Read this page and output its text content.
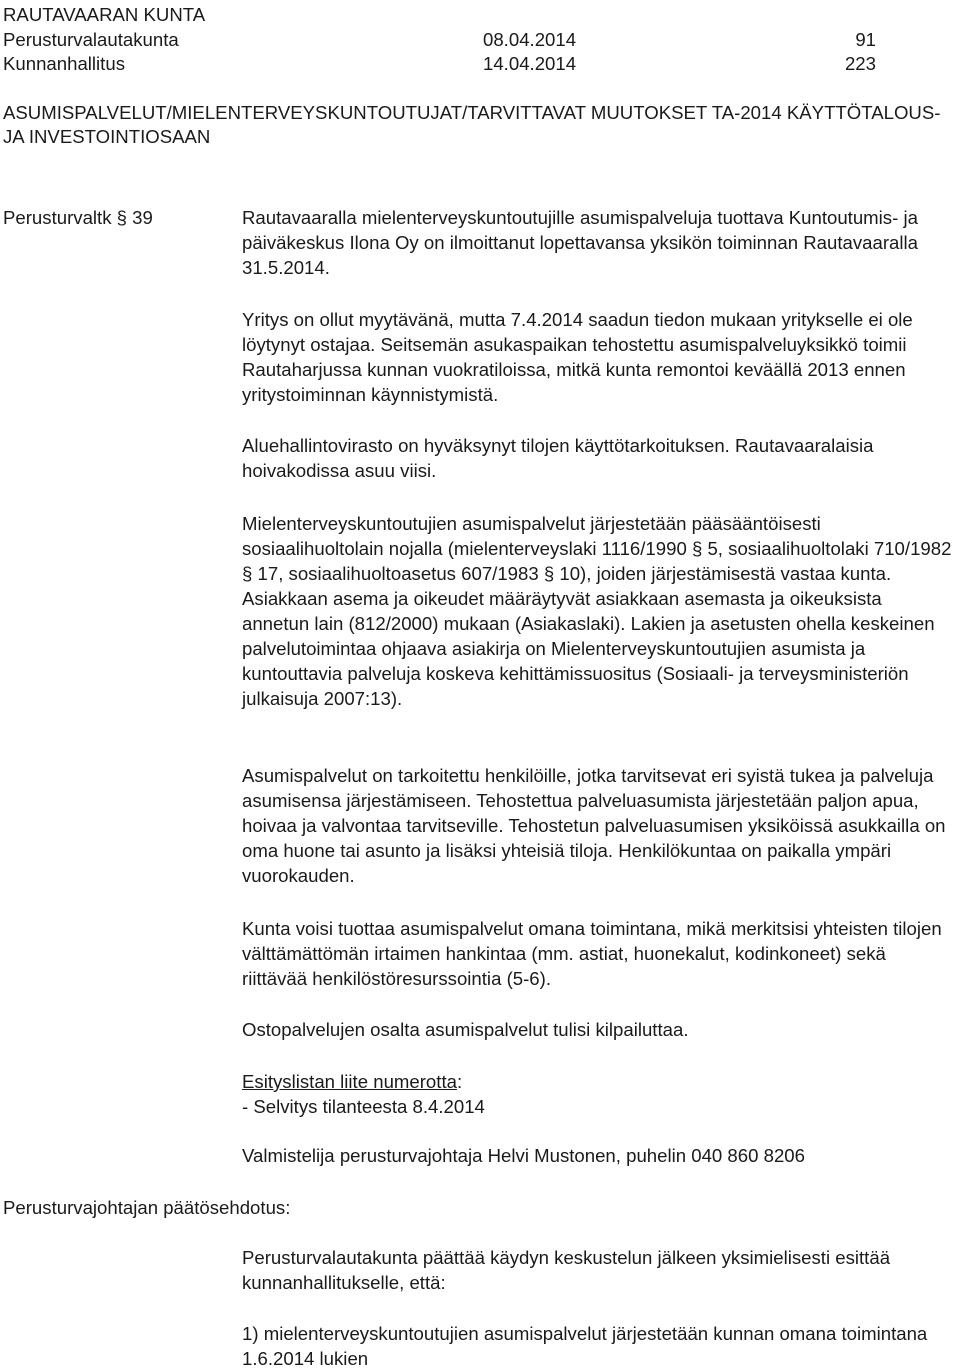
RAUTAVAARAN KUNTA
Perusturvalautakunta	08.04.2014	91
Kunnanhallitus	14.04.2014	223
ASUMISPALVELUT/MIELENTERVEYSKUNTOUTUJAT/TARVITTAVAT MUUTOKSET TA-2014 KÄYTTÖTALOUS- JA INVESTOINTIOSAAN
Perusturvaltk § 39	Rautavaaralla mielenterveyskuntoutujille asumispalveluja tuottava Kuntoutumis- ja päiväkeskus Ilona Oy on ilmoittanut lopettavansa yksikön toiminnan Rautavaaralla 31.5.2014.

Yritys on ollut myytävänä, mutta 7.4.2014 saadun tiedon mukaan yritykselle ei ole löytynyt ostajaa. Seitsemän asukaspaikan tehostettu asumispalveluyksikkö toimii Rautaharjussa kunnan vuokratiloissa, mitkä kunta remontoi keväällä 2013 ennen yritystoiminnan käynnistymistä.

Aluehallintovirasto on hyväksynyt tilojen käyttötarkoituksen. Rautavaaralaisia hoivakodissa asuu viisi.

Mielenterveyskuntoutujien asumispalvelut järjestetään pääsääntöisesti sosiaalihuoltolain nojalla (mielenterveyslaki 1116/1990 § 5, sosiaalihuoltolaki 710/1982 § 17, sosiaalihuoltoasetus 607/1983 § 10), joiden järjestämisestä vastaa kunta. Asiakkaan asema ja oikeudet määräytyvät asiakkaan asemasta ja oikeuksista annetun lain (812/2000) mukaan (Asiakaslaki). Lakien ja asetusten ohella keskeinen palvelutoimintaa ohjaava asiakirja on Mielenterveyskuntoutujien asumista ja kuntouttavia palveluja koskeva kehittämissuositus (Sosiaali- ja terveysministeriön julkaisuja 2007:13).

Asumispalvelut on tarkoitettu henkilöille, jotka tarvitsevat eri syistä tukea ja palveluja asumisensa järjestämiseen. Tehostettua palveluasumista järjestetään paljon apua, hoivaa ja valvontaa tarvitseville. Tehostetun palveluasumisen yksiköissä asukkailla on oma huone tai asunto ja lisäksi yhteisiä tiloja. Henkilökuntaa on paikalla ympäri vuorokauden.

Kunta voisi tuottaa asumispalvelut omana toimintana, mikä merkitsisi yhteisten tilojen välttämättömän irtaimen hankintaa (mm. astiat, huonekalut, kodinkoneet) sekä riittävää henkilöstöresurssointia (5-6).

Ostopalvelujen osalta asumispalvelut tulisi kilpailuttaa.

Esityslistan liite numerotta:

- Selvitys tilanteesta 8.4.2014

Valmistelija perusturvajohtaja Helvi Mustonen, puhelin 040 860 8206

Perusturvajohtajan päätösehdotus:

Perusturvalautakunta päättää käydyn keskustelun jälkeen yksimielisesti esittää kunnanhallitukselle, että:

1) mielenterveyskuntoutujien asumispalvelut järjestetään kunnan omana toimintana 1.6.2014 lukien
